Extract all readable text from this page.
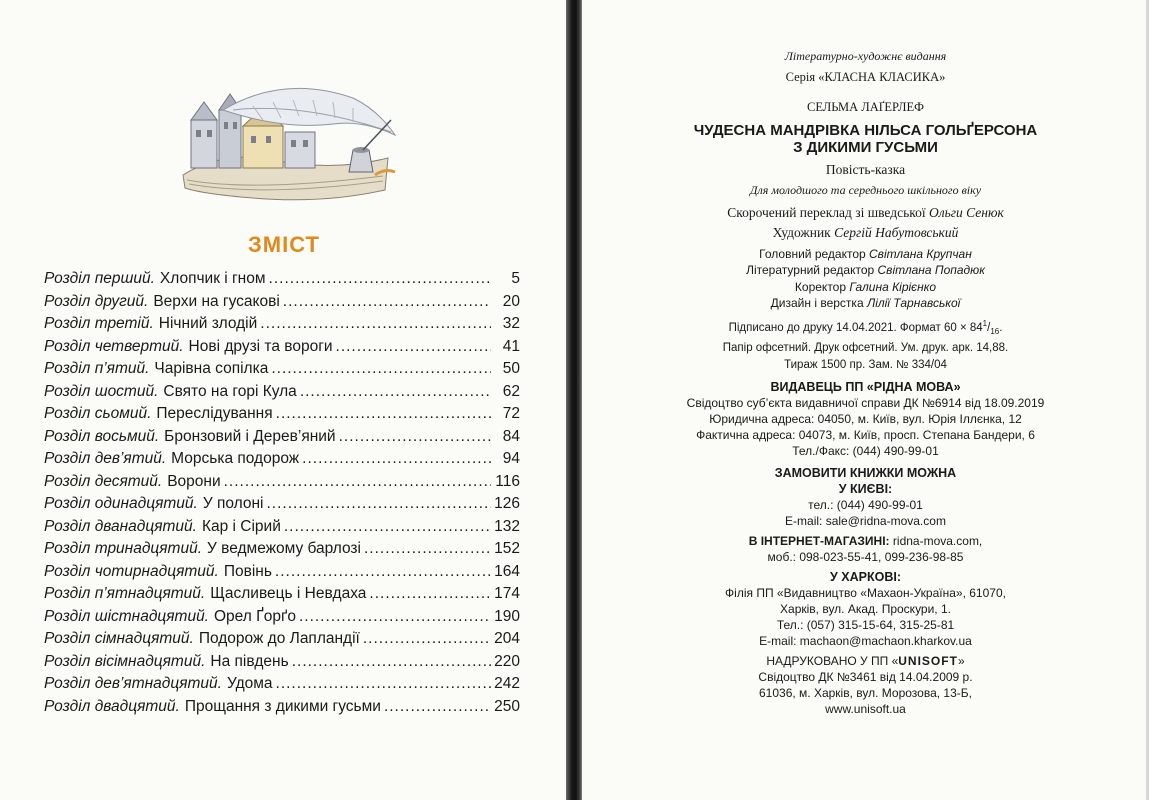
ЗМІСТ
Розділ перший. Хлопчик і гном .....	5
Розділ другий. Верхи на гусакові .....	20
Розділ третій. Нічний злодій .....	32
Розділ четвертий. Нові друзі та вороги .....	41
Розділ п’ятий. Чарівна сопілка .....	50
Розділ шостий. Свято на горі Кула .....	62
Розділ сьомий. Переслідування .....	72
Розділ восьмий. Бронзовий і Дерев’яний .....	84
Розділ дев’ятий. Морська подорож .....	94
Розділ десятий. Ворони .....	116
Розділ одинадцятий. У полоні .....	126
Розділ дванадцятий. Кар і Сірий .....	132
Розділ тринадцятий. У ведмежому барлозі .....	152
Розділ чотирнадцятий. Повінь .....	164
Розділ п’ятнадцятий. Щасливець і Невдаха .....	174
Розділ шістнадцятий. Орел Ґорґо .....	190
Розділ сімнадцятий. Подорож до Лапландії .....	204
Розділ вісімнадцятий. На південь .....	220
Розділ дев’ятнадцятий. Удома .....	242
Розділ двадцятий. Прощання з дикими гусьми .....	250
Літературно-художнє видання
Серія «КЛАСНА КЛАСИКА»
СЕЛЬМА ЛАҐЕРЛЕФ
ЧУДЕСНА МАНДРІВКА НІЛЬСА ГОЛЬҐЕРСОНА
З ДИКИМИ ГУСЬМИ
Повість-казка
Для молодшого та середнього шкільного віку
Скорочений переклад зі шведської Ольги Сенюк
Художник Сергій Набутовський
Головний редактор Світлана Крупчан
Літературний редактор Світлана Попадюк
Коректор Галина Кірієнко
Дизайн і верстка Лілії Тарнавської
Підписано до друку 14.04.2021. Формат $60 \times 84^1/_{16}$.
Папір офсетний. Друк офсетний. Ум. друк. арк. 14,88.
Тираж 1500 пр. Зам. № 334/04
ВИДАВЕЦЬ ПП «РІДНА МОВА»
Свідоцтво суб’єкта видавничої справи ДК №6914 від 18.09.2019
Юридична адреса: 04050, м. Київ, вул. Юрія Іллєнка, 12
Фактична адреса: 04073, м. Київ, просп. Степана Бандери, 6
Тел./Факс: (044) 490-99-01
ЗАМОВИТИ КНИЖКИ МОЖНА
У КИЄВІ:
тел.: (044) 490-99-01
E-mail: sale@ridna-mova.com
В ІНТЕРНЕТ-МАГАЗИНІ: ridna-mova.com,
моб.: 098-023-55-41, 099-236-98-85
У ХАРКОВІ:
Філія ПП «Видавництво «Махаон-Україна», 61070,
Харків, вул. Акад. Проскури, 1.
Тел.: (057) 315-15-64, 315-25-81
E-mail: machaon@machaon.kharkov.ua
НАДРУКОВАНО У ПП «UNISOFT»
Свідоцтво ДК №3461 від 14.04.2009 р.
61036, м. Харків, вул. Морозова, 13-Б,
www.unisoft.ua
